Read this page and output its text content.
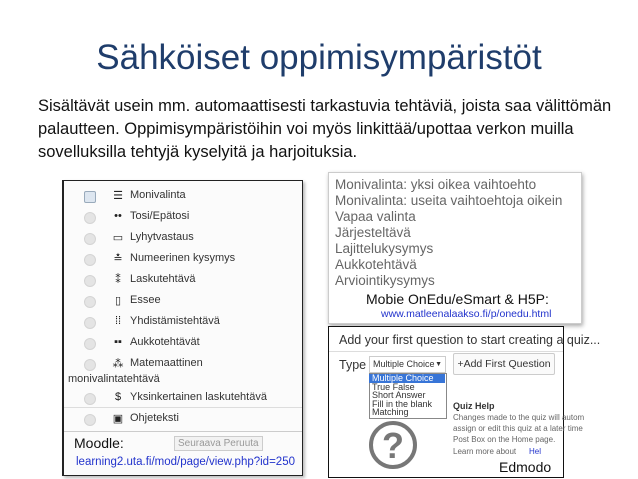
Sähköiset oppimisympäristöt
Sisältävät usein mm. automaattisesti tarkastuvia tehtäviä, joista saa välittömän palautteen. Oppimisympäristöihin voi myös linkittää/upottaa verkon muilla sovelluksilla tehtyjä kyselyitä ja harjoituksia.
☰ Monivalinta
•• Tosi/Epätosi
▭ Lyhytvastaus
≛ Numeerinen kysymys
⁑ Laskutehtävä
▯ Essee
⁞⁞ Yhdistämistehtävä
▪▪ Aukkotehtävät
⁂ Matemaattinen
$ Yksinkertainen laskutehtävä
▣ Ohjeteksti
monivalintatehtävä
Moodle:	Seuraava Peruuta
learning2.uta.fi/mod/page/view.php?id=250
Monivalinta: yksi oikea vaihtoehto
Monivalinta: useita vaihtoehtoja oikein
Vapaa valinta
Järjesteltävä
Lajittelukysymys
Aukkotehtävä
Arviointikysymys
Mobie OnEdu/eSmart & H5P:
www.matleenalaakso.fi/p/onedu.html
Add your first question to start creating a quiz...
Type Multiple Choice ▼	+Add First Question
Multiple Choice
True False
Short Answer
Fill in the blank
Matching
?
Quiz Help
Changes made to the quiz will autom
assign or edit this quiz at a later time
Post Box on the Home page.
Learn more about Hel
Edmodo
